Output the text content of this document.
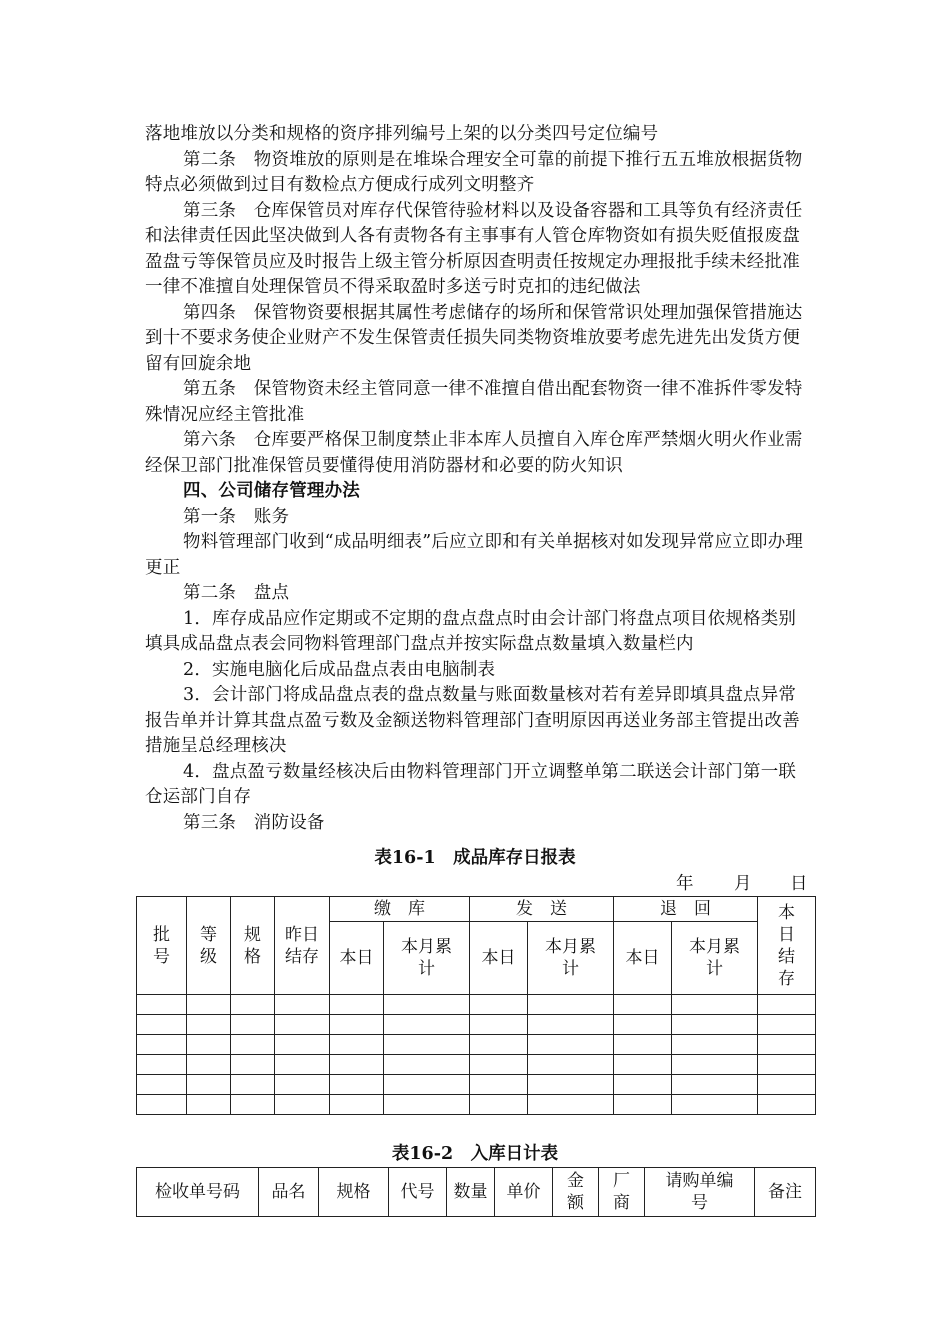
落地堆放以分类和规格的资序排列编号上架的以分类四号定位编号

第二条　物资堆放的原则是在堆垛合理安全可靠的前提下推行五五堆放根据货物特点必须做到过目有数检点方便成行成列文明整齐

第三条　仓库保管员对库存代保管待验材料以及设备容器和工具等负有经济责任和法律责任因此坚决做到人各有责物各有主事事有人管仓库物资如有损失贬值报废盘盈盘亏等保管员应及时报告上级主管分析原因查明责任按规定办理报批手续未经批准一律不准擅自处理保管员不得采取盈时多送亏时克扣的违纪做法

第四条　保管物资要根据其属性考虑储存的场所和保管常识处理加强保管措施达到十不要求务使企业财产不发生保管责任损失同类物资堆放要考虑先进先出发货方便留有回旋余地

第五条　保管物资未经主管同意一律不准擅自借出配套物资一律不准拆件零发特殊情况应经主管批准

第六条　仓库要严格保卫制度禁止非本库人员擅自入库仓库严禁烟火明火作业需经保卫部门批准保管员要懂得使用消防器材和必要的防火知识

四、公司储存管理办法

第一条　账务

物料管理部门收到“成品明细表”后应立即和有关单据核对如发现异常应立即办理更正

第二条　盘点

1．库存成品应作定期或不定期的盘点盘点时由会计部门将盘点项目依规格类别填具成品盘点表会同物料管理部门盘点并按实际盘点数量填入数量栏内

2．实施电脑化后成品盘点表由电脑制表

3．会计部门将成品盘点表的盘点数量与账面数量核对若有差异即填具盘点异常报告单并计算其盘点盈亏数及金额送物料管理部门查明原因再送业务部主管提出改善措施呈总经理核决

4．盘点盈亏数量经核决后由物料管理部门开立调整单第二联送会计部门第一联仓运部门自存

第三条　消防设备

表16-1　成品库存日报表
年 月 日
批号	等级	规格	昨日结存	缴　库		发　送		退　回		本日结存
				本日	本月累计	本日	本月累计	本日	本月累计	

表16-2　入库日计表
检收单号码	品名	规格	代号	数量	单价	金额	厂商	请购单编号	备注
